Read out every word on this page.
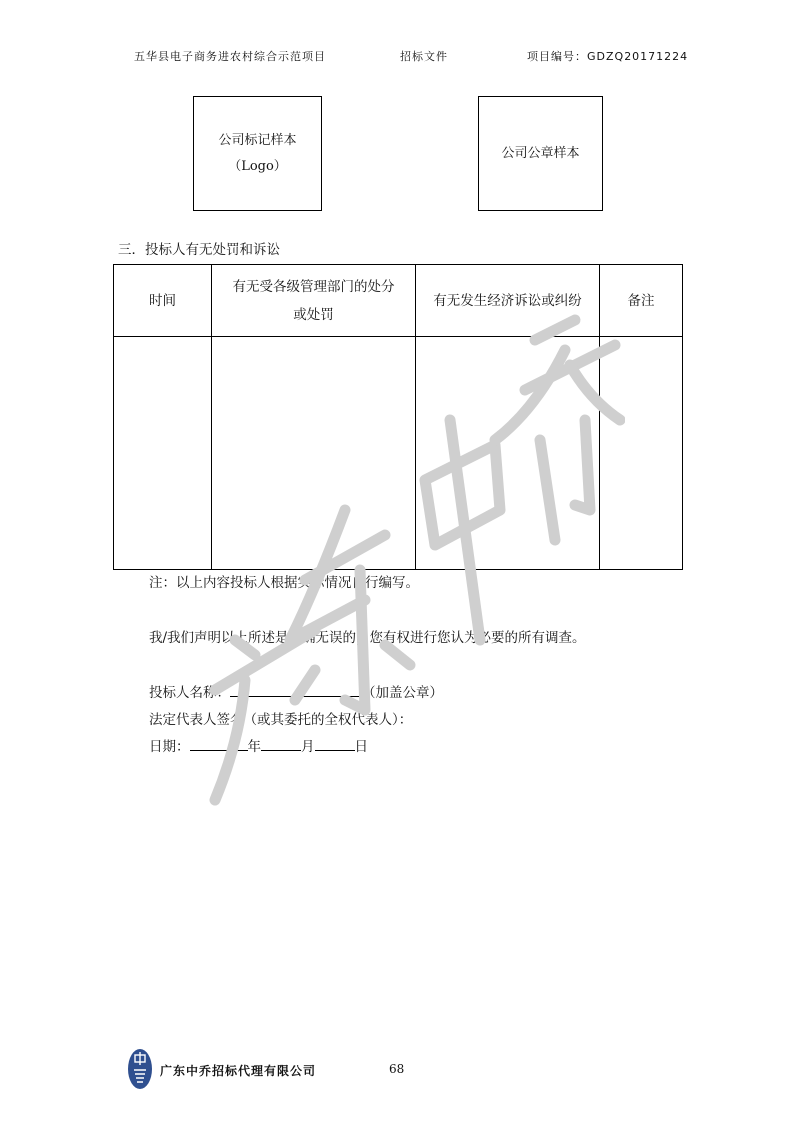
五华县电子商务进农村综合示范项目	招标文件	项目编号：GDZQ20171224
公司标记样本
（Logo）
公司公章样本
三．投标人有无处罚和诉讼
时间	有无受各级管理部门的处分或处罚	有无发生经济诉讼或纠纷	备注

注：以上内容投标人根据实际情况自行编写。
我/我们声明以上所述是正确无误的，您有权进行您认为必要的所有调查。
投标人名称：	（加盖公章）
法定代表人签名（或其委托的全权代表人）：
日期：	年	月	日
广东中乔招标代理有限公司	68
